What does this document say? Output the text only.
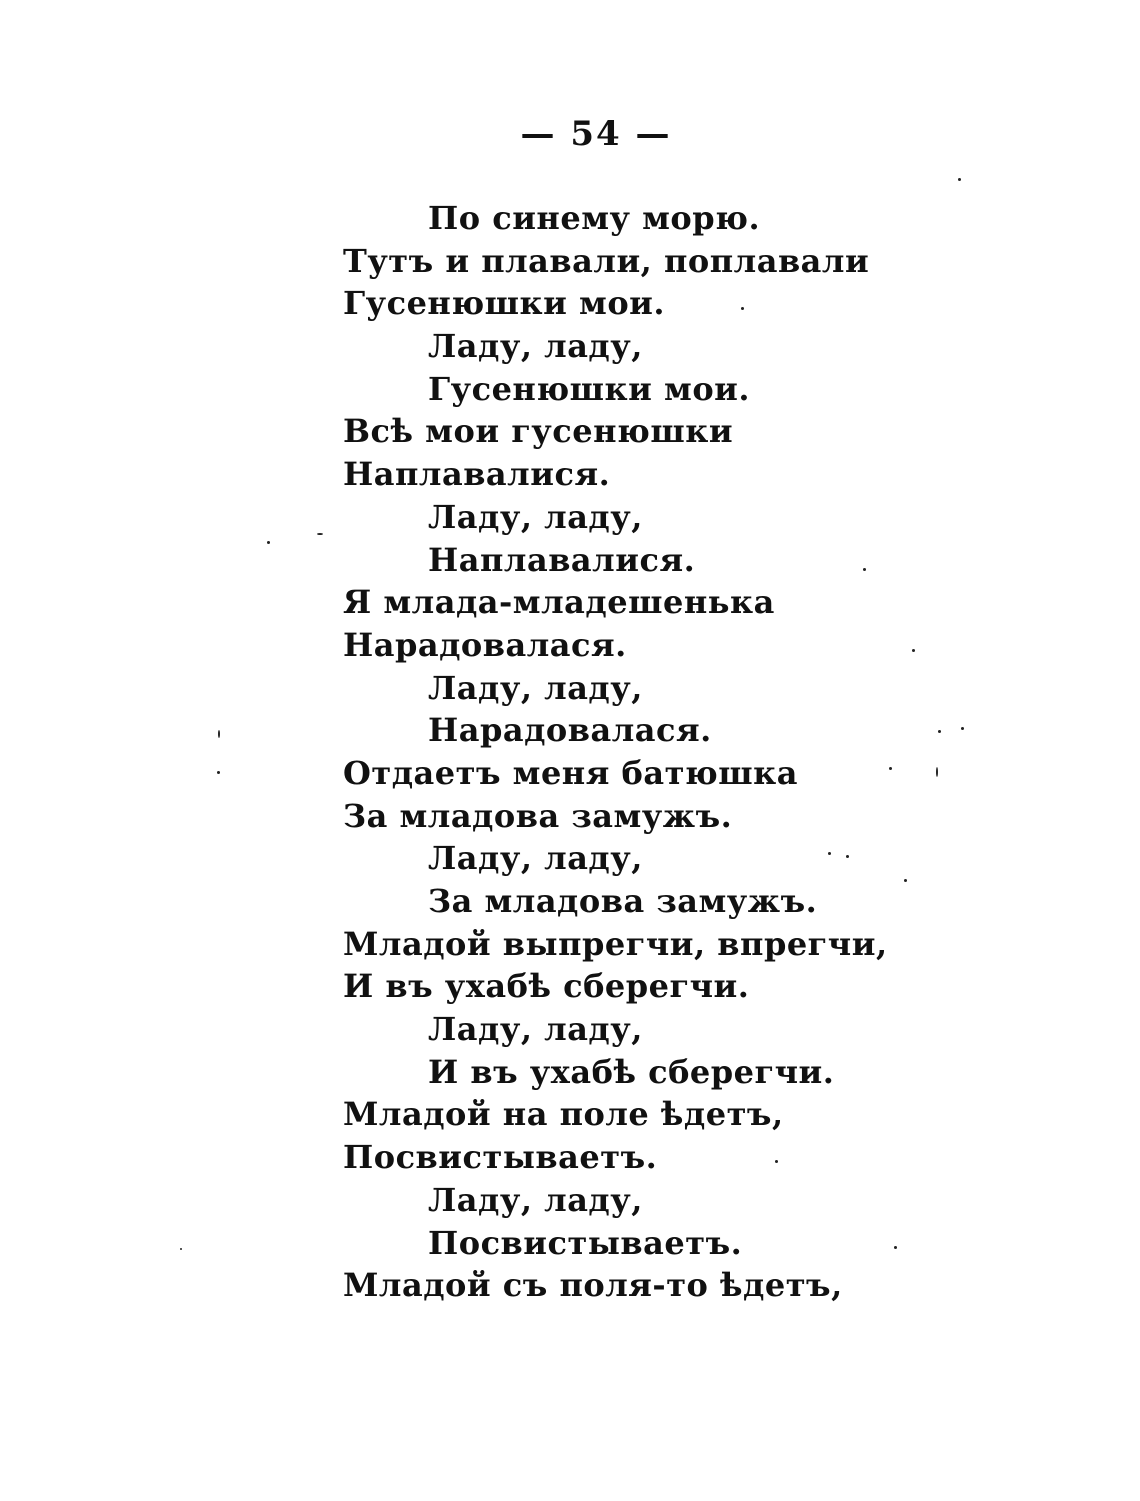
— 54 —
По синему морю.
Тутъ и плавали, поплавали
Гусенюшки мои.
Ладу, ладу,
Гусенюшки мои.
Всѣ мои гусенюшки
Наплавалися.
Ладу, ладу,
Наплавалися.
Я млада-младешенька
Нарадовалася.
Ладу, ладу,
Нарадовалася.
Отдаетъ меня батюшка
За младова замужъ.
Ладу, ладу,
За младова замужъ.
Младой выпрегчи, впрегчи,
И въ ухабѣ сберегчи.
Ладу, ладу,
И въ ухабѣ сберегчи.
Младой на поле ѣдетъ,
Посвистываетъ.
Ладу, ладу,
Посвистываетъ.
Младой съ поля-то ѣдетъ,
